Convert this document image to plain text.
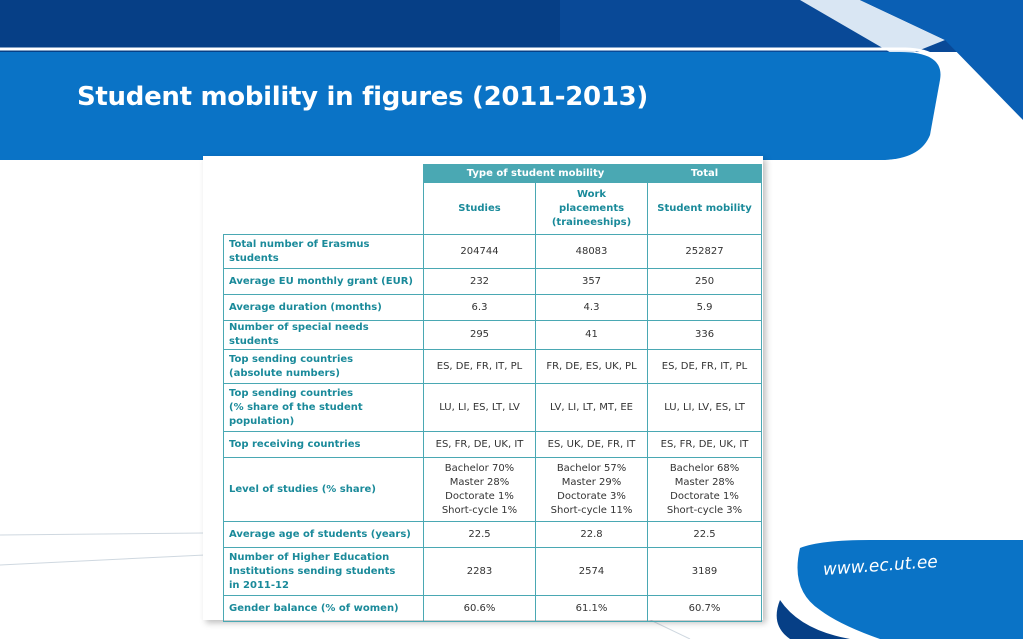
Student mobility in figures (2011-2013)
www.ec.ut.ee
	Type of student mobility		Total

	Studies	Work
placements
(traineeships)	Student mobility

Total number of Erasmus
students	204744	48083	252827

Average EU monthly grant (EUR)	232	357	250

Average duration (months)	6.3	4.3	5.9

Number of special needs students	295	41	336

Top sending countries
(absolute numbers)	ES, DE, FR, IT, PL	FR, DE, ES, UK, PL	ES, DE, FR, IT, PL

Top sending countries
(% share of the student
population)	LU, LI, ES, LT, LV	LV, LI, LT, MT, EE	LU, LI, LV, ES, LT

Top receiving countries	ES, FR, DE, UK, IT	ES, UK, DE, FR, IT	ES, FR, DE, UK, IT

Level of studies (% share)	Bachelor 70%
Master 28%
Doctorate 1%
Short-cycle 1%	Bachelor 57%
Master 29%
Doctorate 3%
Short-cycle 11%	Bachelor 68%
Master 28%
Doctorate 1%
Short-cycle 3%

Average age of students (years)	22.5	22.8	22.5

Number of Higher Education
Institutions sending students
in 2011-12	2283	2574	3189

Gender balance (% of women)	60.6%	61.1%	60.7%
